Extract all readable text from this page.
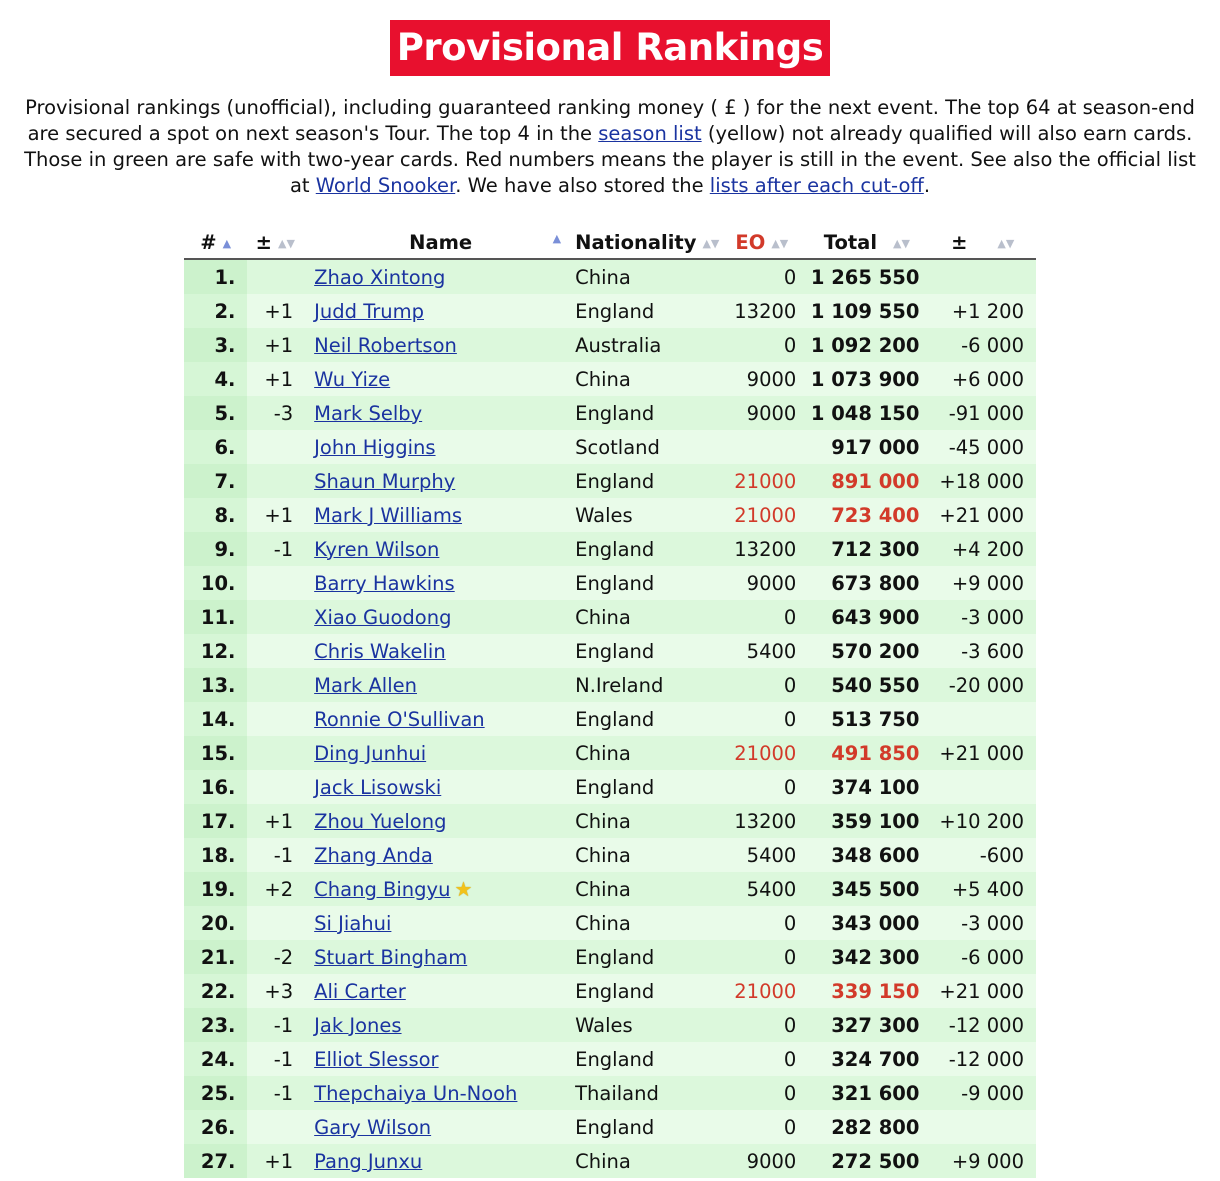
Provisional Rankings
Provisional rankings (unofficial), including guaranteed ranking money ( £ ) for the next event. The top 64 at season-end are secured a spot on next season's Tour. The top 4 in the season list (yellow) not already qualified will also earn cards. Those in green are safe with two-year cards. Red numbers means the player is still in the event. See also the official list at World Snooker. We have also stored the lists after each cut-off.
# ▲	± ▲▼	Name ▲	Nationality ▲▼	EO ▲▼	Total ▲▼	± ▲▼
1.		Zhao Xintong	China	0	1 265 550	
2.	+1	Judd Trump	England	13200	1 109 550	+1 200
3.	+1	Neil Robertson	Australia	0	1 092 200	-6 000
4.	+1	Wu Yize	China	9000	1 073 900	+6 000
5.	-3	Mark Selby	England	9000	1 048 150	-91 000
6.		John Higgins	Scotland		917 000	-45 000
7.		Shaun Murphy	England	21000	891 000	+18 000
8.	+1	Mark J Williams	Wales	21000	723 400	+21 000
9.	-1	Kyren Wilson	England	13200	712 300	+4 200
10.		Barry Hawkins	England	9000	673 800	+9 000
11.		Xiao Guodong	China	0	643 900	-3 000
12.		Chris Wakelin	England	5400	570 200	-3 600
13.		Mark Allen	N.Ireland	0	540 550	-20 000
14.		Ronnie O'Sullivan	England	0	513 750	
15.		Ding Junhui	China	21000	491 850	+21 000
16.		Jack Lisowski	England	0	374 100	
17.	+1	Zhou Yuelong	China	13200	359 100	+10 200
18.	-1	Zhang Anda	China	5400	348 600	-600
19.	+2	Chang Bingyu ★	China	5400	345 500	+5 400
20.		Si Jiahui	China	0	343 000	-3 000
21.	-2	Stuart Bingham	England	0	342 300	-6 000
22.	+3	Ali Carter	England	21000	339 150	+21 000
23.	-1	Jak Jones	Wales	0	327 300	-12 000
24.	-1	Elliot Slessor	England	0	324 700	-12 000
25.	-1	Thepchaiya Un-Nooh	Thailand	0	321 600	-9 000
26.		Gary Wilson	England	0	282 800	
27.	+1	Pang Junxu	China	9000	272 500	+9 000
